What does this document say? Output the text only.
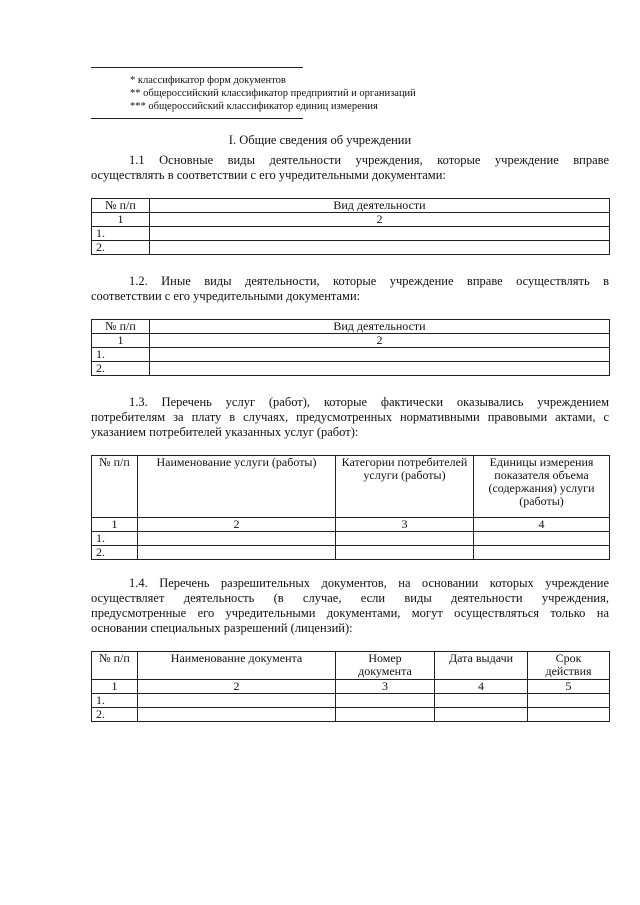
* классификатор форм документов
** общероссийский классификатор предприятий и организаций
*** общероссийский классификатор единиц измерения
I. Общие сведения об учреждении
1.1 Основные виды деятельности учреждения, которые учреждение вправе
осуществлять в соответствии с его учредительными документами:
№ п/п	Вид деятельности
1	2
1.	
2.	
1.2. Иные виды деятельности, которые учреждение вправе осуществлять в
соответствии с его учредительными документами:
№ п/п	Вид деятельности
1	2
1.	
2.	
1.3. Перечень услуг (работ), которые фактически оказывались учреждением
потребителям за плату в случаях, предусмотренных нормативными правовыми актами, с
указанием потребителей указанных услуг (работ):
№ п/п	Наименование услуги (работы)	Категории потребителей услуги (работы)	Единицы измерения показателя объема (содержания) услуги (работы)
1	2	3	4
1.			
2.			
1.4. Перечень разрешительных документов, на основании которых учреждение
осуществляет деятельность (в случае, если виды деятельности учреждения,
предусмотренные его учредительными документами, могут осуществляться только на
основании специальных разрешений (лицензий):
№ п/п	Наименование документа	Номер документа	Дата выдачи	Срок действия
1	2	3	4	5
1.				
2.				
